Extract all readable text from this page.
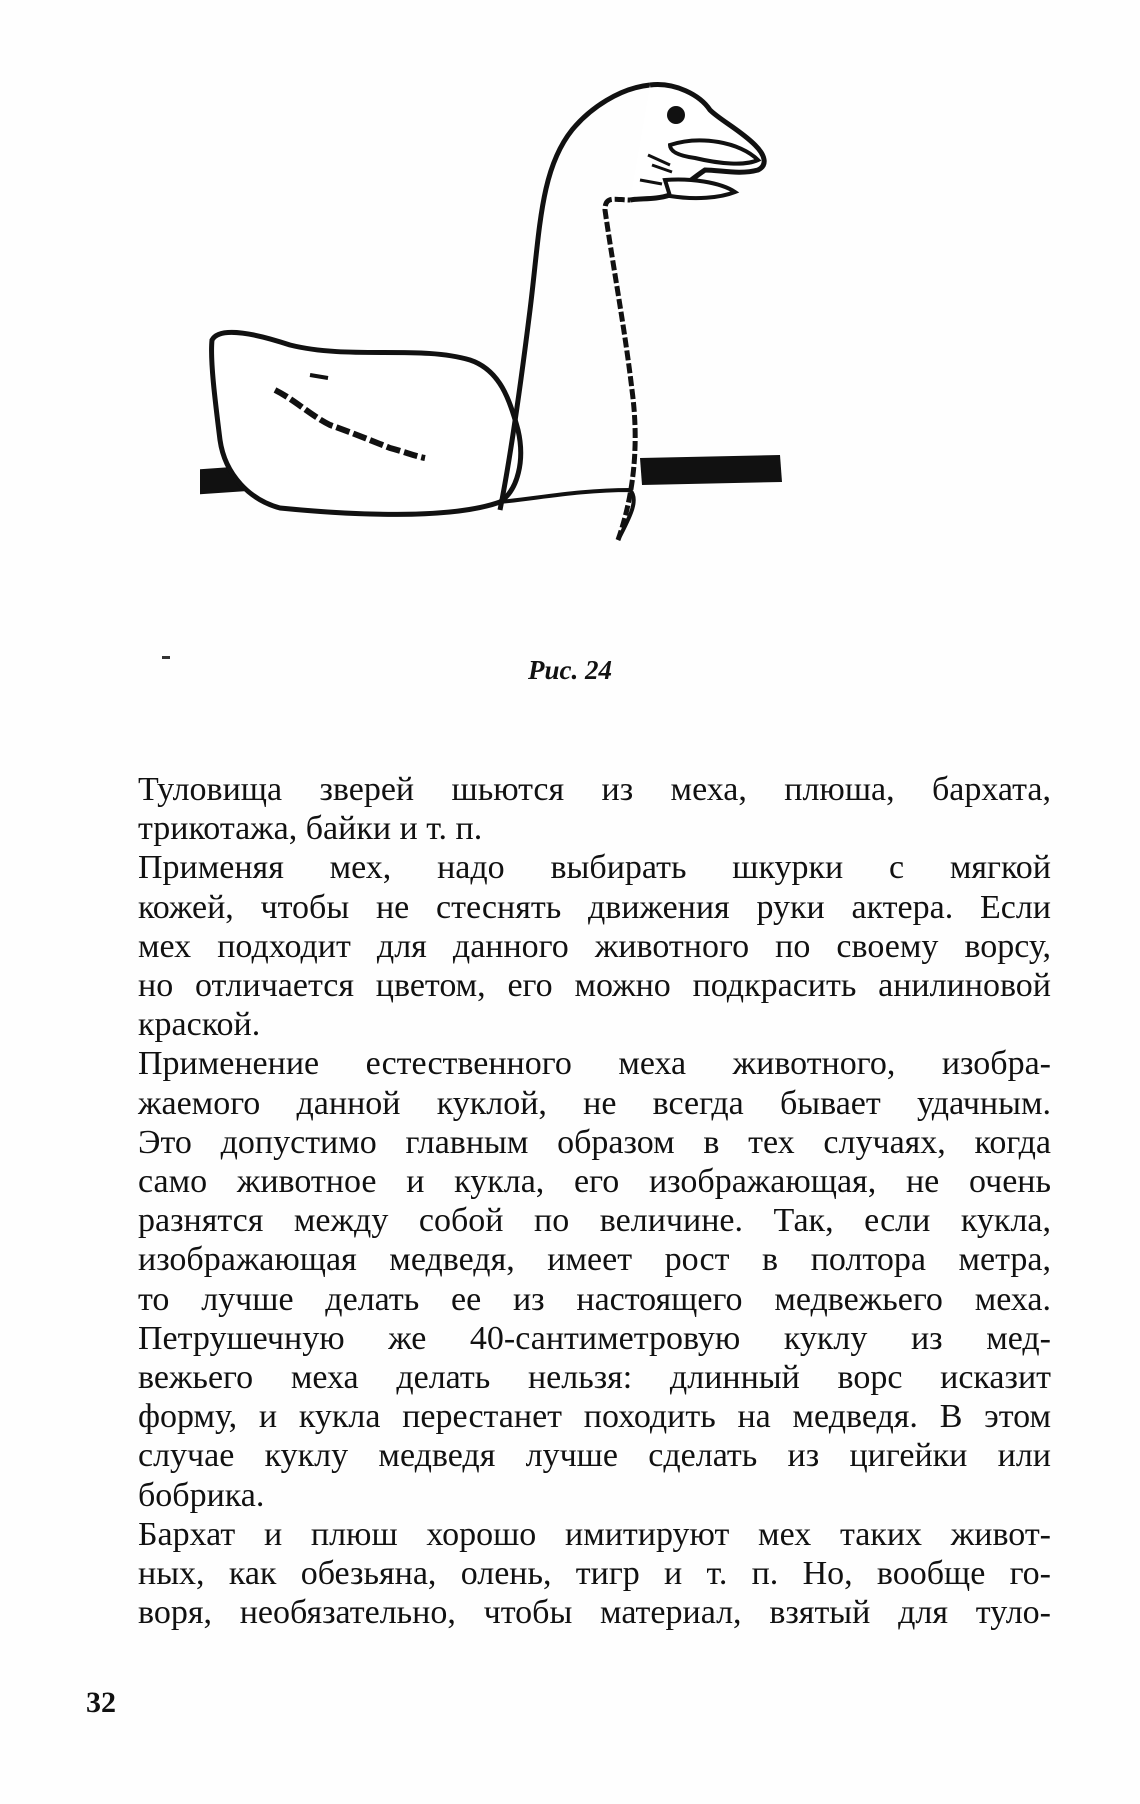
Рис. 24

Туловища зверей шьются из меха, плюша, бархата,
трикотажа, байки и т. п.

Применяя мех, надо выбирать шкурки с мягкой
кожей, чтобы не стеснять движения руки актера. Если
мех подходит для данного животного по своему ворсу,
но отличается цветом, его можно подкрасить анилиновой
краской.

Применение естественного меха животного, изобра-
жаемого данной куклой, не всегда бывает удачным.
Это допустимо главным образом в тех случаях, когда
само животное и кукла, его изображающая, не очень
разнятся между собой по величине. Так, если кукла,
изображающая медведя, имеет рост в полтора метра,
то лучше делать ее из настоящего медвежьего меха.
Петрушечную же 40-сантиметровую куклу из мед-
вежьего меха делать нельзя: длинный ворс исказит
форму, и кукла перестанет походить на медведя. В этом
случае куклу медведя лучше сделать из цигейки или
бобрика.

Бархат и плюш хорошо имитируют мех таких живот-
ных, как обезьяна, олень, тигр и т. п. Но, вообще го-
воря, необязательно, чтобы материал, взятый для туло-

32
